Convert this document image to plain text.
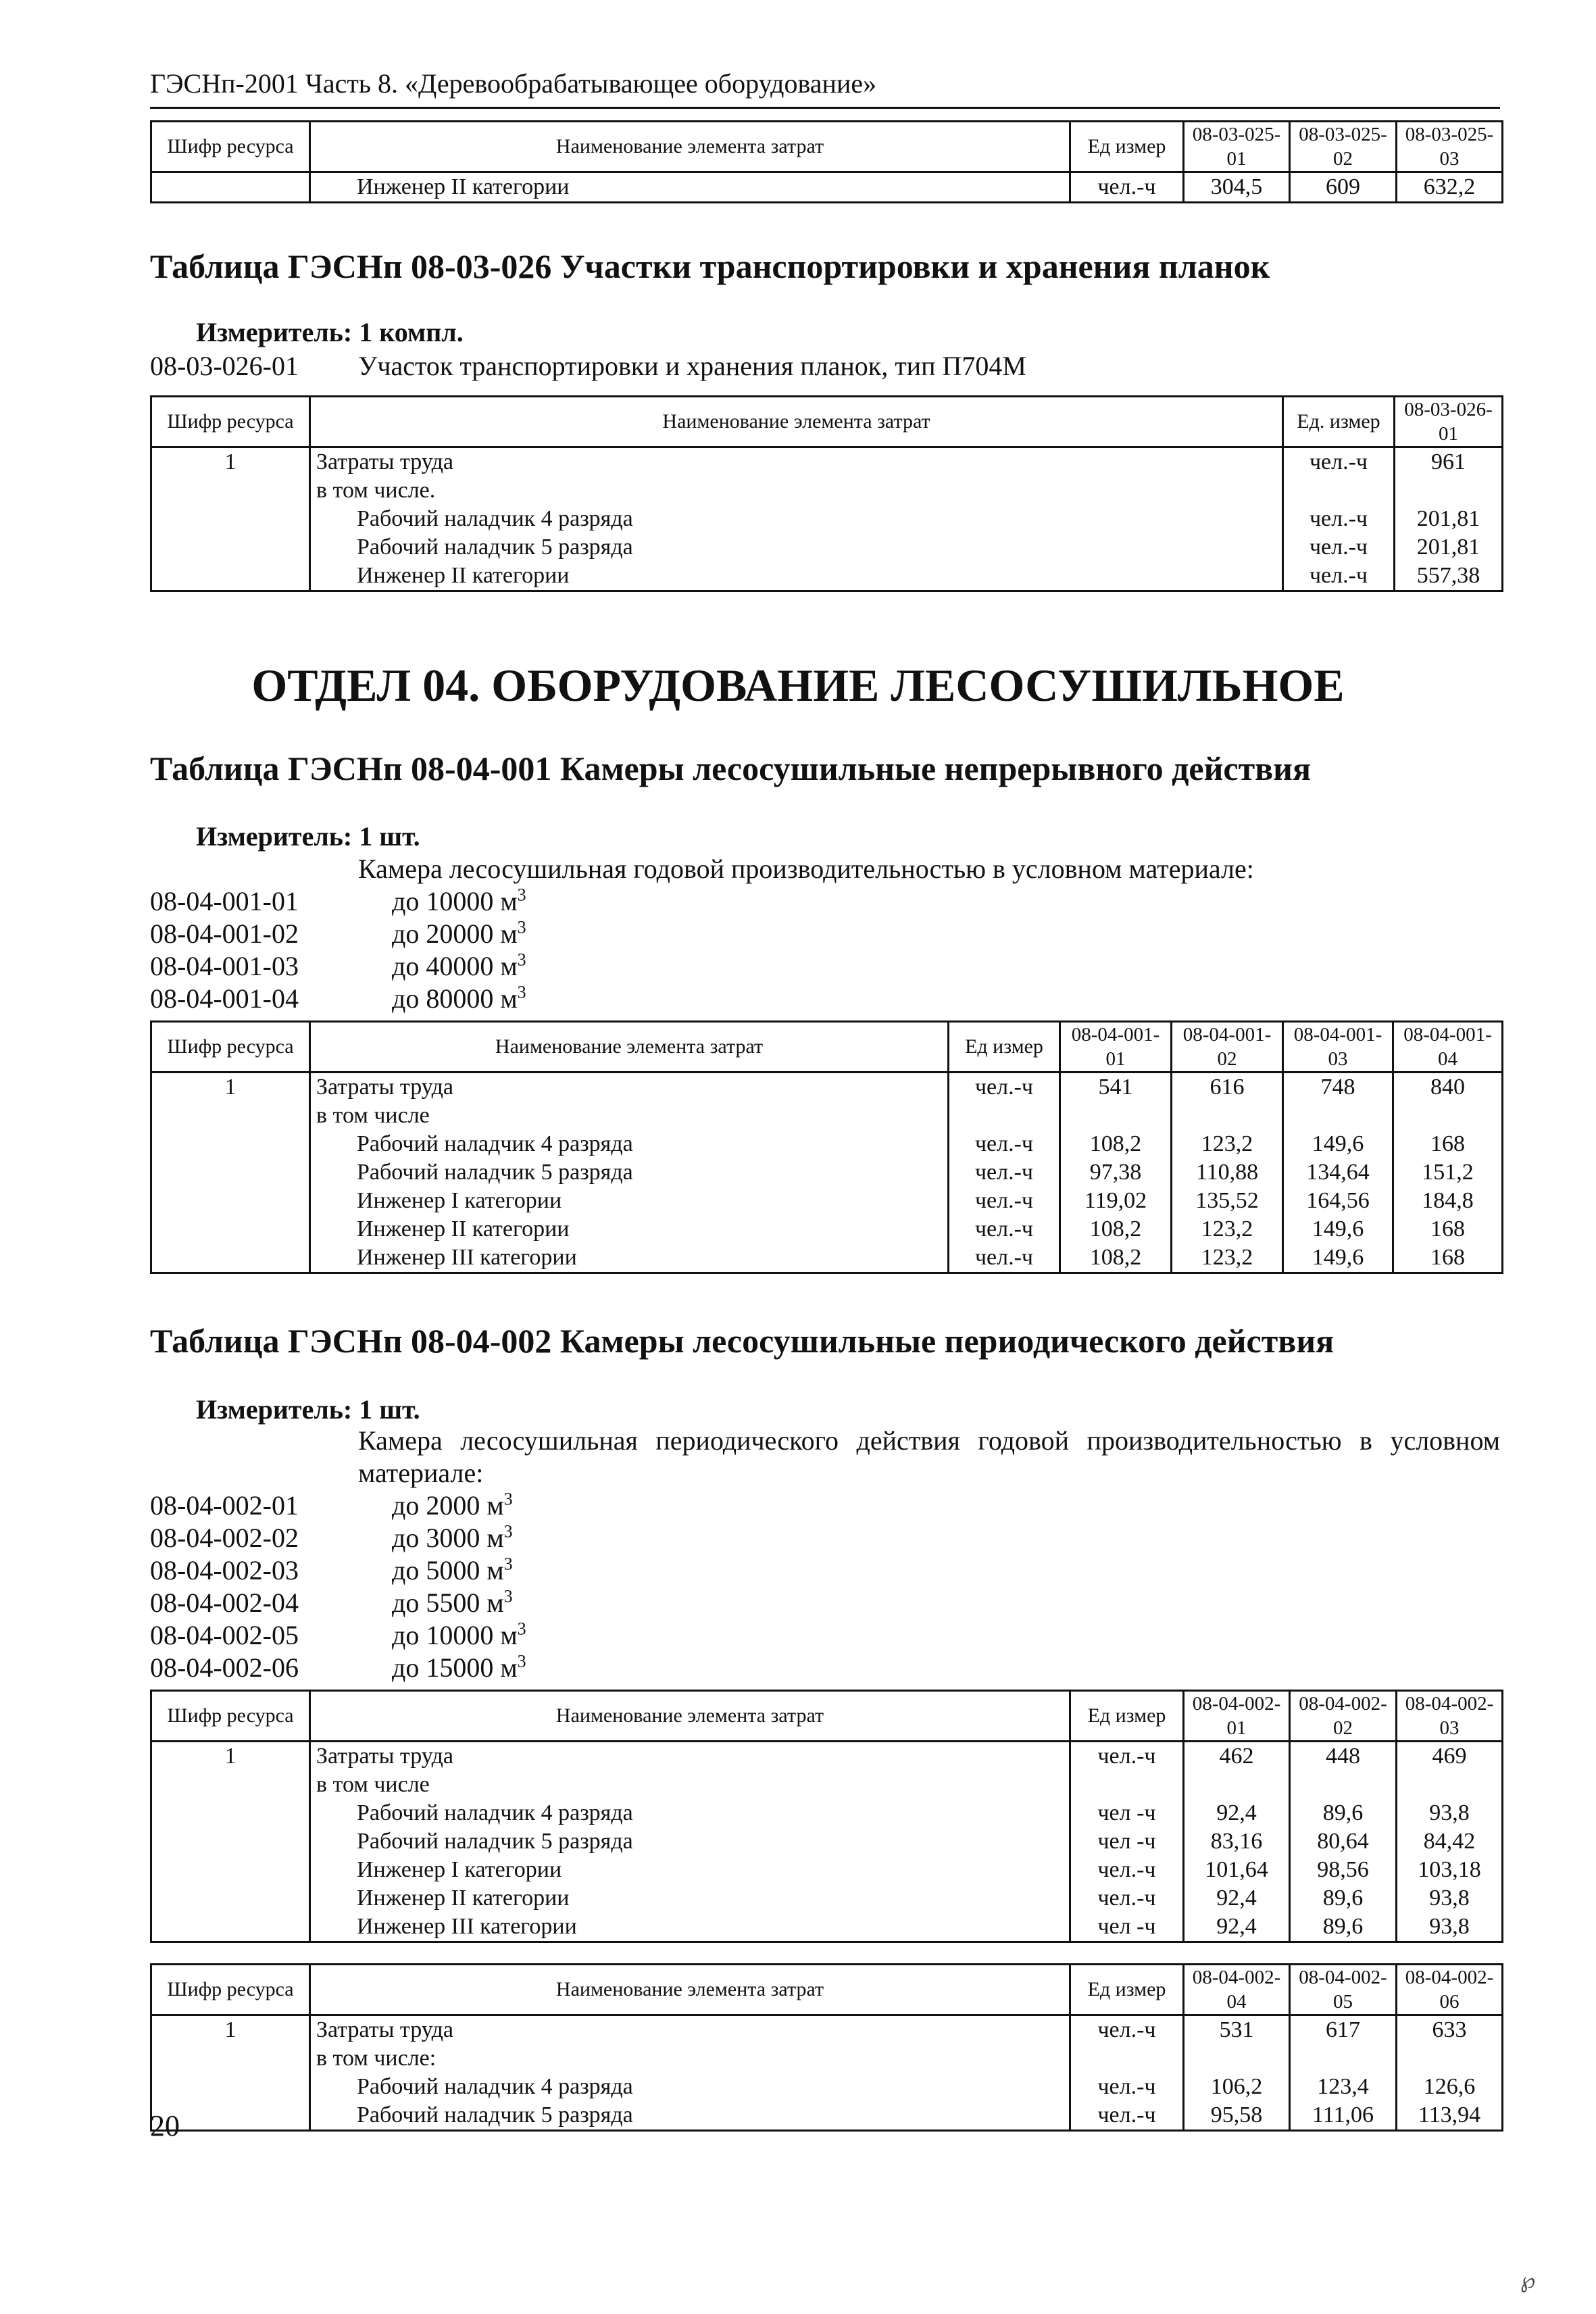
ГЭСНп-2001 Часть 8. «Деревообрабатывающее оборудование»
Шифр ресурса	Наименование элемента затрат	Ед измер	08-03-025-01	08-03-025-02	08-03-025-03
	Инженер II категории	чел.-ч	304,5	609	632,2
Таблица ГЭСНп 08-03-026 Участки транспортировки и хранения планок
Измеритель: 1 компл.
08-03-026-01 Участок транспортировки и хранения планок, тип П704М
Шифр ресурса	Наименование элемента затрат	Ед. измер	08-03-026-01
1	Затраты труда	чел.-ч	961
	в том числе.		
	Рабочий наладчик 4 разряда	чел.-ч	201,81
	Рабочий наладчик 5 разряда	чел.-ч	201,81
	Инженер II категории	чел.-ч	557,38
ОТДЕЛ 04. ОБОРУДОВАНИЕ ЛЕСОСУШИЛЬНОЕ
Таблица ГЭСНп 08-04-001 Камеры лесосушильные непрерывного действия
Измеритель: 1 шт.
Камера лесосушильная годовой производительностью в условном материале:
08-04-001-01	до 10000 $м^3$
08-04-001-02	до 20000 $м^3$
08-04-001-03	до 40000 $м^3$
08-04-001-04	до 80000 $м^3$
Шифр ресурса	Наименование элемента затрат	Ед измер	08-04-001-01	08-04-001-02	08-04-001-03	08-04-001-04
1	Затраты труда	чел.-ч	541	616	748	840
	в том числе					
	Рабочий наладчик 4 разряда	чел.-ч	108,2	123,2	149,6	168
	Рабочий наладчик 5 разряда	чел.-ч	97,38	110,88	134,64	151,2
	Инженер I категории	чел.-ч	119,02	135,52	164,56	184,8
	Инженер II категории	чел.-ч	108,2	123,2	149,6	168
	Инженер III категории	чел.-ч	108,2	123,2	149,6	168
Таблица ГЭСНп 08-04-002 Камеры лесосушильные периодического действия
Измеритель: 1 шт.
Камера лесосушильная периодического действия годовой производительностью в условном
материале:
08-04-002-01	до 2000 $м^3$
08-04-002-02	до 3000 $м^3$
08-04-002-03	до 5000 $м^3$
08-04-002-04	до 5500 $м^3$
08-04-002-05	до 10000 $м^3$
08-04-002-06	до 15000 $м^3$
Шифр ресурса	Наименование элемента затрат	Ед измер	08-04-002-01	08-04-002-02	08-04-002-03
1	Затраты труда	чел.-ч	462	448	469
	в том числе				
	Рабочий наладчик 4 разряда	чел -ч	92,4	89,6	93,8
	Рабочий наладчик 5 разряда	чел -ч	83,16	80,64	84,42
	Инженер I категории	чел.-ч	101,64	98,56	103,18
	Инженер II категории	чел.-ч	92,4	89,6	93,8
	Инженер III категории	чел -ч	92,4	89,6	93,8
Шифр ресурса	Наименование элемента затрат	Ед измер	08-04-002-04	08-04-002-05	08-04-002-06
1	Затраты труда	чел.-ч	531	617	633
	в том числе:				
	Рабочий наладчик 4 разряда	чел.-ч	106,2	123,4	126,6
	Рабочий наладчик 5 разряда	чел.-ч	95,58	111,06	113,94
20
℘
